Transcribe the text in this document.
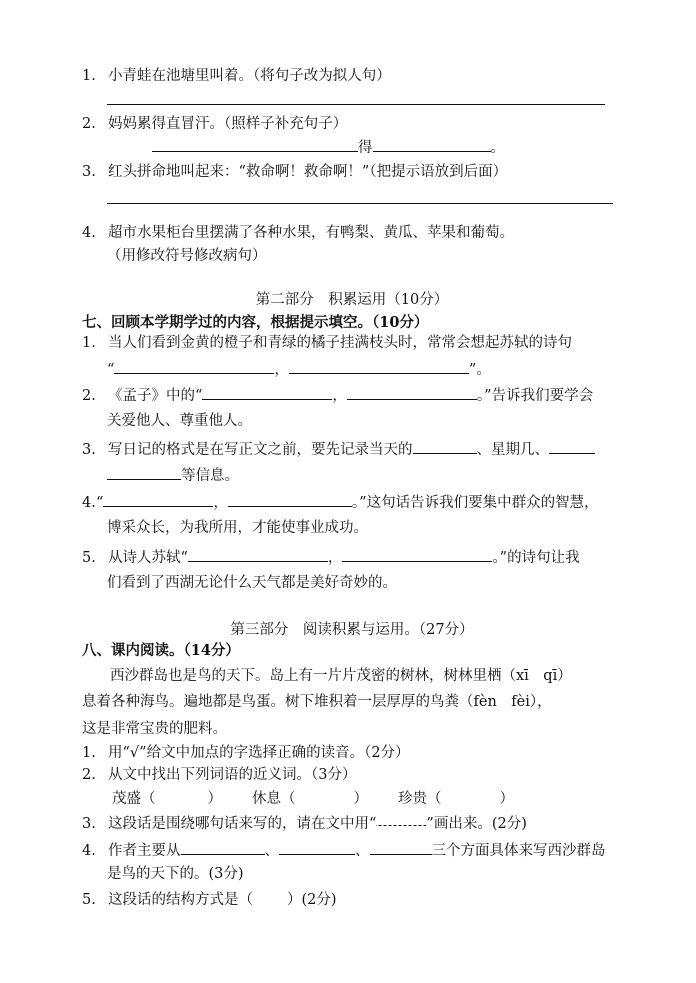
1. 小青蛙在池塘里叫着。（将句子改为拟人句）
2. 妈妈累得直冒汗。（照样子补充句子）
得	。
3. 红头拼命地叫起来：“救命啊！救命啊！”（把提示语放到后面）
4. 超市水果柜台里摆满了各种水果，有鸭梨、黄瓜、苹果和葡萄。
（用修改符号修改病句）
第二部分　积累运用（10分）
七、回顾本学期学过的内容，根据提示填空。（10分）
1. 当人们看到金黄的橙子和青绿的橘子挂满枝头时，常常会想起苏轼的诗句
“	，	”。
2. 《孟子》中的“	，	。”告诉我们要学会
关爱他人、尊重他人。
3. 写日记的格式是在写正文之前，要先记录当天的	、星期几、
等信息。
4.“	，	。”这句话告诉我们要集中群众的智慧，
博采众长，为我所用，才能使事业成功。
5. 从诗人苏轼“	，	。”的诗句让我
们看到了西湖无论什么天气都是美好奇妙的。
第三部分　阅读积累与运用。（27分）
八、课内阅读。（14分）
西沙群岛也是鸟的天下。岛上有一片片茂密的树林，树林里栖（xī　qī）
息着各种海鸟。遍地都是鸟蛋。树下堆积着一层厚厚的鸟粪（fèn　fèi），
这是非常宝贵的肥料。
1. 用“√”给文中加点的字选择正确的读音。（2分）
2. 从文中找出下列词语的近义词。（3分）
茂盛（	） 休息（	） 珍贵（	）
3. 这段话是围绕哪句话来写的，请在文中用“	”画出来。(2分)
4. 作者主要从	、	、	三个方面具体来写西沙群岛
是鸟的天下的。(3分)
5. 这段话的结构方式是（ ）(2分)
